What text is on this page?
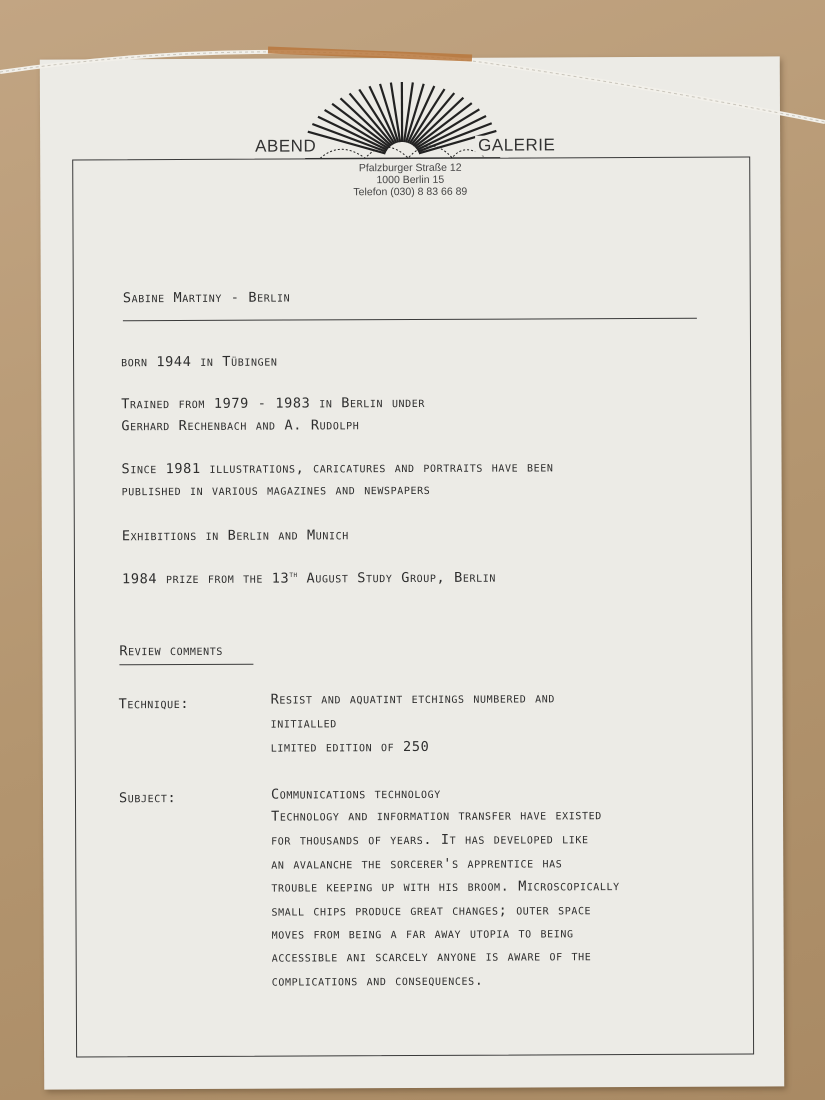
ABEND	GALERIE
Pfalzburger Straße 12
1000 Berlin 15
Telefon (030) 8 83 66 89
Sabine Martiny - Berlin
born 1944 in Tübingen
Trained from 1979 - 1983 in Berlin under
Gerhard Rechenbach and A. Rudolph
Since 1981 illustrations, caricatures and portraits have been
published in various magazines and newspapers
Exhibitions in Berlin and Munich
1984 prize from the 13th August Study Group, Berlin
Review comments
Technique:	Resist and aquatint etchings numbered and
initialled
limited edition of 250
Subject:	Communications technology
Technology and information transfer have existed
for thousands of years. It has developed like
an avalanche the sorcerer's apprentice has
trouble keeping up with his broom. Microscopically
small chips produce great changes; outer space
moves from being a far away utopia to being
accessible ani scarcely anyone is aware of the
complications and consequences.
